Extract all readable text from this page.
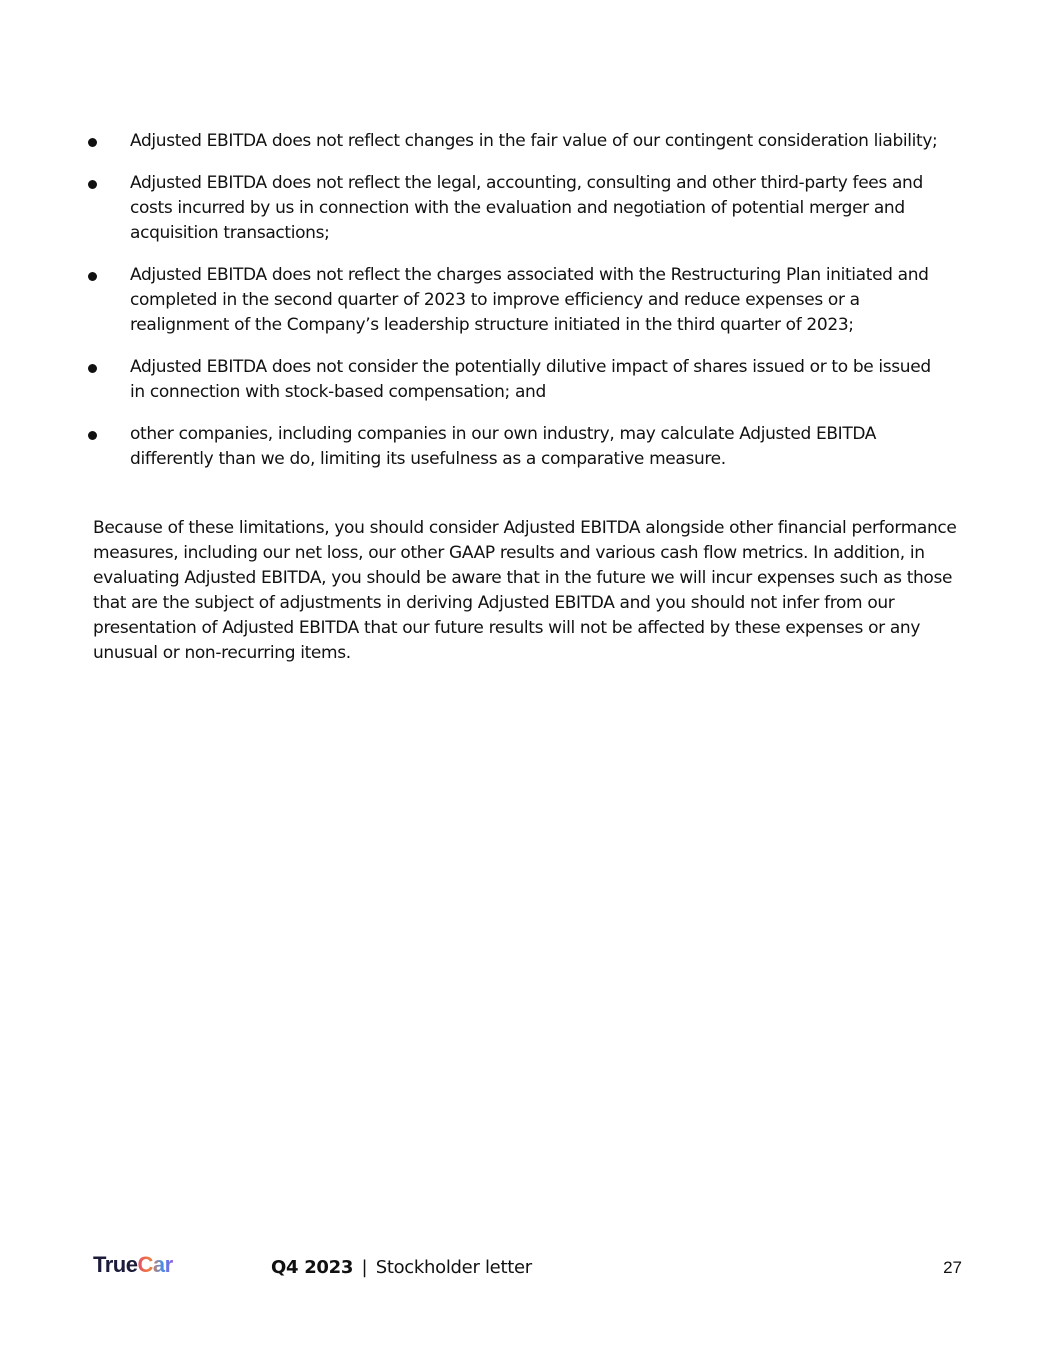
Adjusted EBITDA does not reflect changes in the fair value of our contingent consideration liability;
Adjusted EBITDA does not reflect the legal, accounting, consulting and other third-party fees and costs incurred by us in connection with the evaluation and negotiation of potential merger and acquisition transactions;
Adjusted EBITDA does not reflect the charges associated with the Restructuring Plan initiated and completed in the second quarter of 2023 to improve efficiency and reduce expenses or a realignment of the Company’s leadership structure initiated in the third quarter of 2023;
Adjusted EBITDA does not consider the potentially dilutive impact of shares issued or to be issued in connection with stock-based compensation; and
other companies, including companies in our own industry, may calculate Adjusted EBITDA differently than we do, limiting its usefulness as a comparative measure.

Because of these limitations, you should consider Adjusted EBITDA alongside other financial performance measures, including our net loss, our other GAAP results and various cash flow metrics. In addition, in evaluating Adjusted EBITDA, you should be aware that in the future we will incur expenses such as those that are the subject of adjustments in deriving Adjusted EBITDA and you should not infer from our presentation of Adjusted EBITDA that our future results will not be affected by these expenses or any unusual or non-recurring items.

TrueCar	Q4 2023 | Stockholder letter	27
